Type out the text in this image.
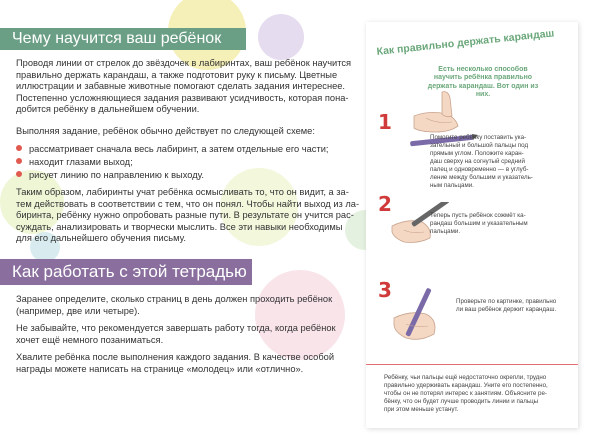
Чему научится ваш ребёнок
Проводя линии от стрелок до звёздочек в лабиринтах, ваш ребёнок научится
правильно держать карандаш, а также подготовит руку к письму. Цветные
иллюстрации и забавные животные помогают сделать задания интереснее.
Постепенно усложняющиеся задания развивают усидчивость, которая пона-
добится ребёнку в дальнейшем обучении.
Выполняя задание, ребёнок обычно действует по следующей схеме:
рассматривает сначала весь лабиринт, а затем отдельные его части;
находит глазами выход;
рисует линию по направлению к выходу.
Таким образом, лабиринты учат ребёнка осмысливать то, что он видит, а за-
тем действовать в соответствии с тем, что он понял. Чтобы найти выход из ла-
биринта, ребёнку нужно опробовать разные пути. В результате он учится рас-
суждать, анализировать и творчески мыслить. Все эти навыки необходимы
для его дальнейшего обучения письму.
Как работать с этой тетрадью
Заранее определите, сколько страниц в день должен проходить ребёнок
(например, две или четыре).
Не забывайте, что рекомендуется завершать работу тогда, когда ребёнок
хочет ещё немного позаниматься.
Хвалите ребёнка после выполнения каждого задания. В качестве особой
награды можете написать на странице «молодец» или «отлично».
Как правильно держать карандаш
Есть несколько способов научить ребёнка правильно держать карандаш. Вот один из них.
1
Помогите ребёнку поставить ука-
зательный и большой пальцы под
прямым углом. Положите каран-
даш сверху на согнутый средний
палец и одновременно — в углуб-
ление между большим и указатель-
ным пальцами.
2	Теперь пусть ребёнок сожмёт ка-
рандаш большим и указательным
пальцами.
3	Проверьте по картинке, правильно
ли ваш ребёнок держит карандаш.
Ребёнку, чьи пальцы ещё недостаточно окрепли, трудно
правильно удерживать карандаш. Уните его постепенно,
чтобы он не потерял интерес к занятиям. Объясните ре-
бёнку, что он будет лучше проводить линии и пальцы
при этом меньше устанут.
